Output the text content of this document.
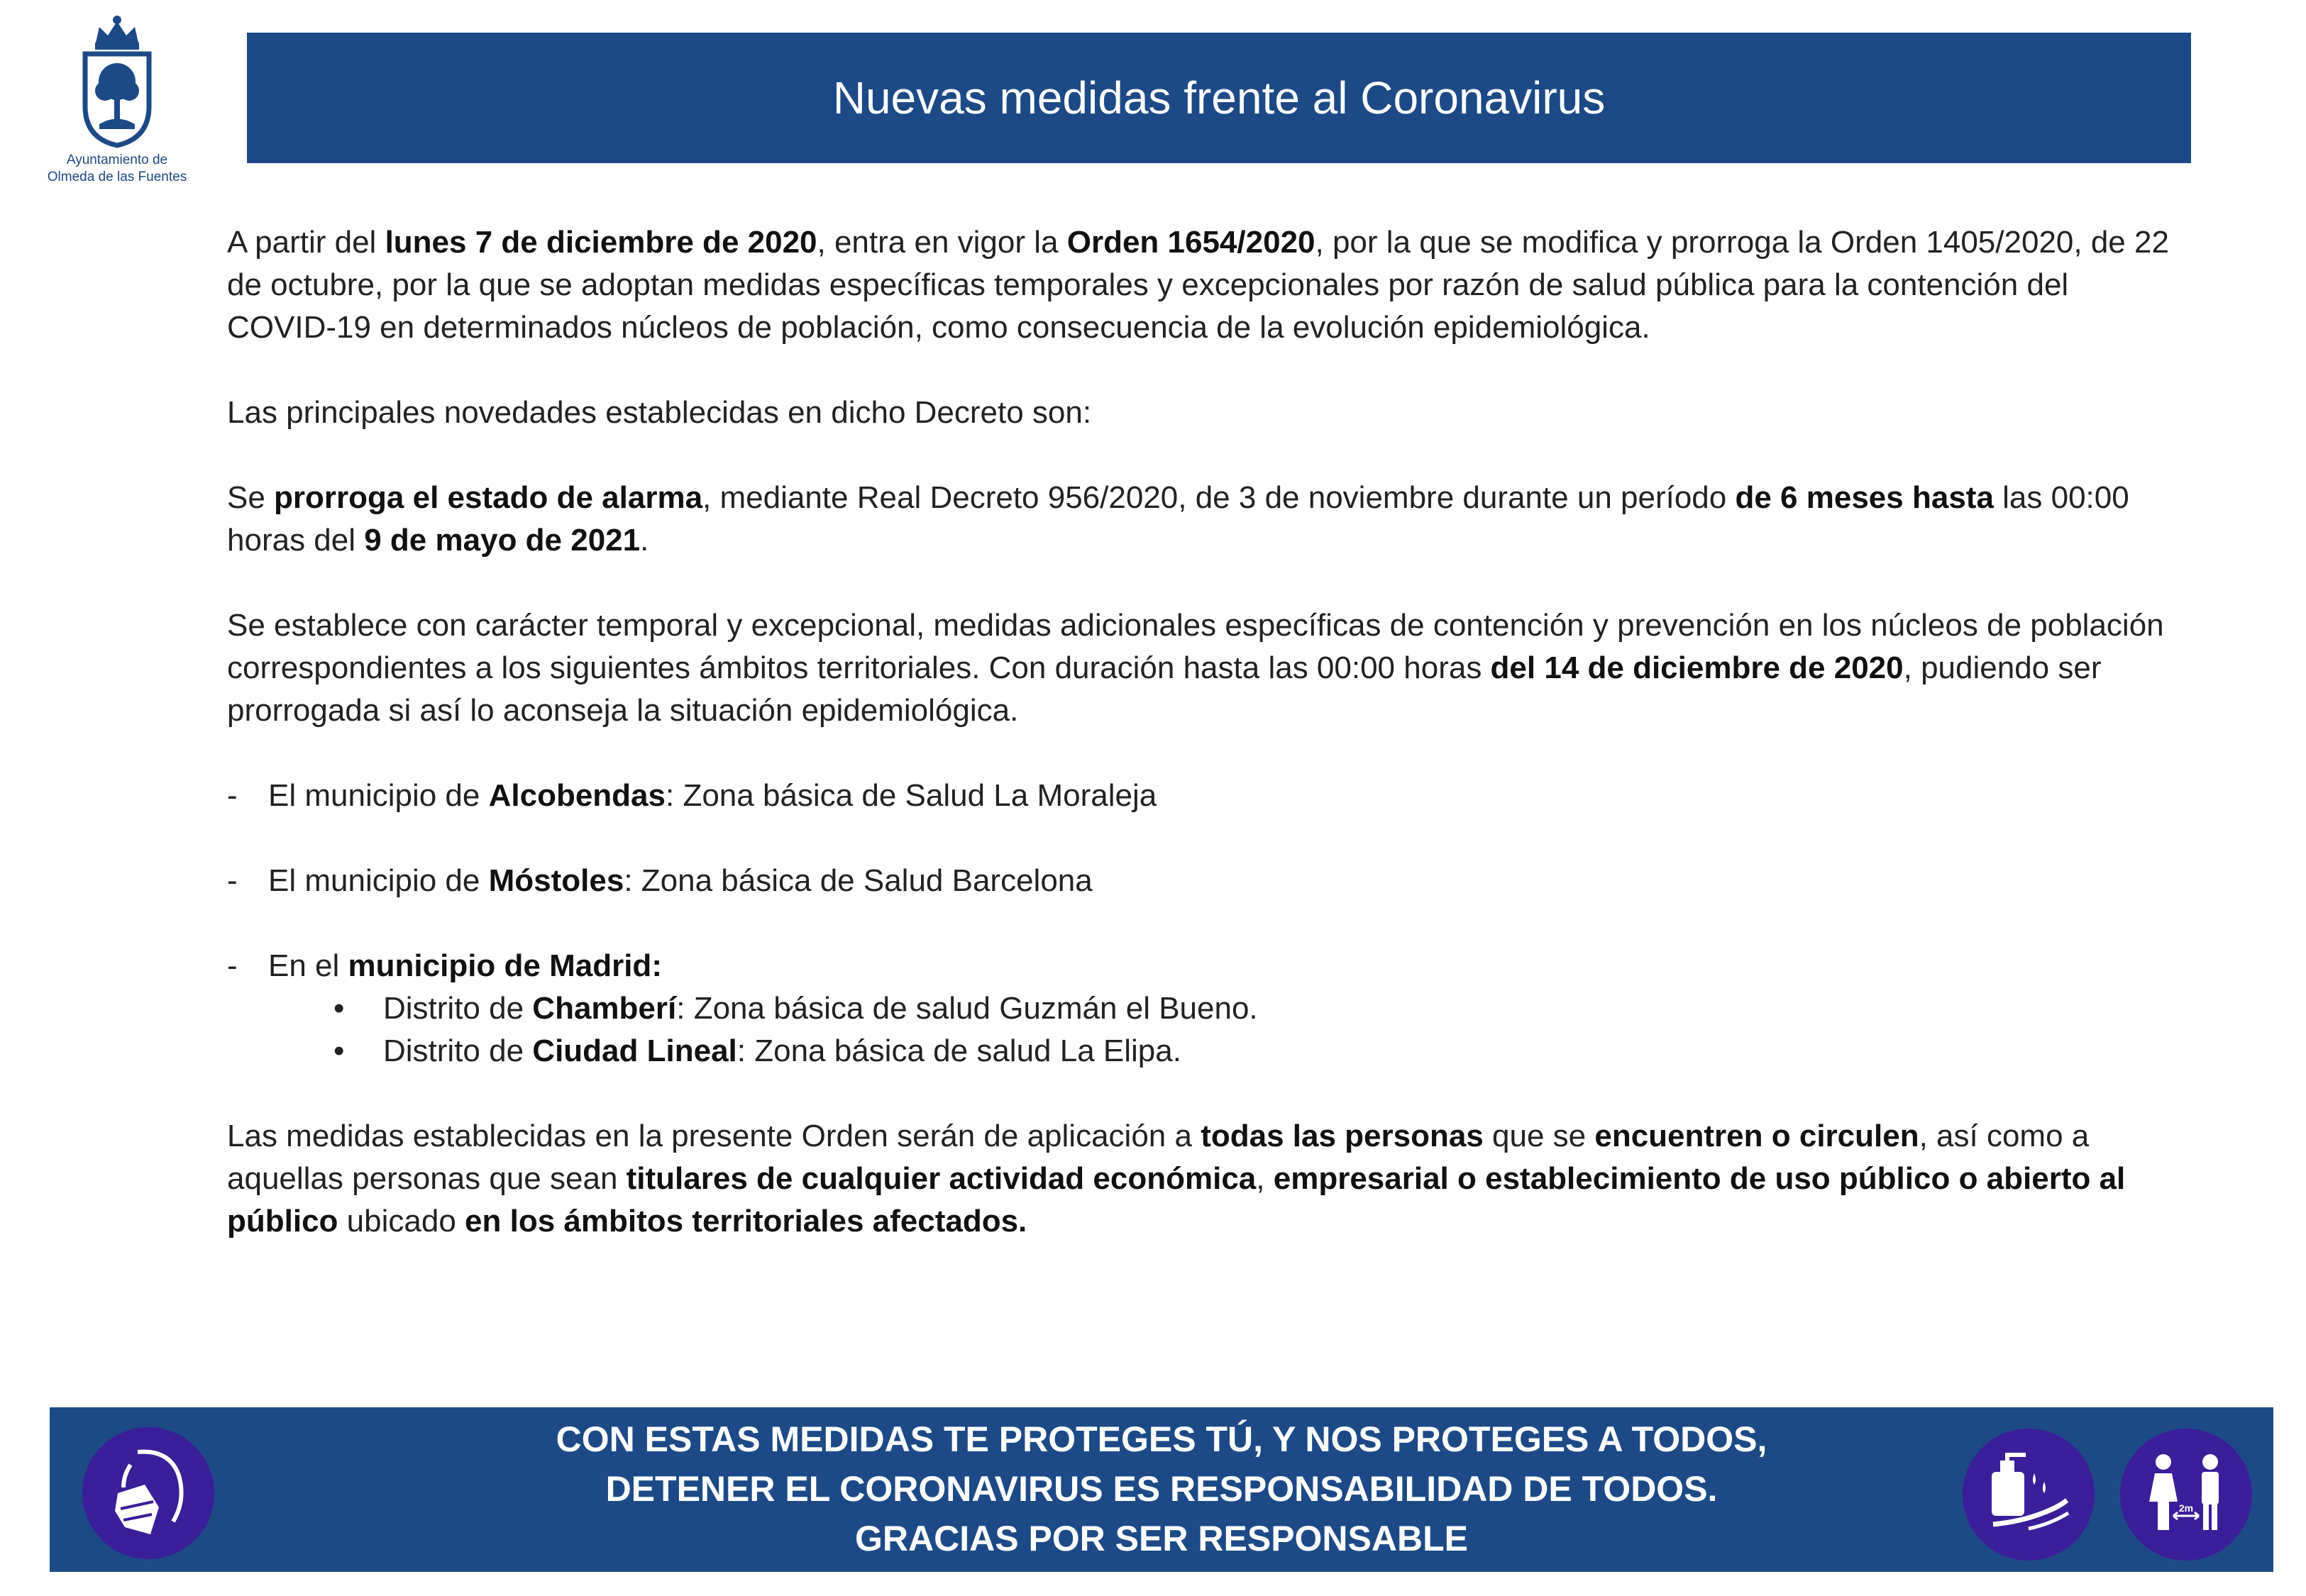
Ayuntamiento de
Olmeda de las Fuentes
Nuevas medidas frente al Coronavirus

A partir del lunes 7 de diciembre de 2020, entra en vigor la Orden 1654/2020, por la que se modifica y prorroga la Orden 1405/2020, de 22 de octubre, por la que se adoptan medidas específicas temporales y excepcionales por razón de salud pública para la contención del COVID-19 en determinados núcleos de población, como consecuencia de la evolución epidemiológica.

Las principales novedades establecidas en dicho Decreto son:

Se prorroga el estado de alarma, mediante Real Decreto 956/2020, de 3 de noviembre durante un período de 6 meses hasta las 00:00 horas del 9 de mayo de 2021.

Se establece con carácter temporal y excepcional, medidas adicionales específicas de contención y prevención en los núcleos de población correspondientes a los siguientes ámbitos territoriales. Con duración hasta las 00:00 horas del 14 de diciembre de 2020, pudiendo ser prorrogada si así lo aconseja la situación epidemiológica.

- El municipio de Alcobendas: Zona básica de Salud La Moraleja
- El municipio de Móstoles: Zona básica de Salud Barcelona
- En el municipio de Madrid:
•	Distrito de Chamberí: Zona básica de salud Guzmán el Bueno.
•	Distrito de Ciudad Lineal: Zona básica de salud La Elipa.

Las medidas establecidas en la presente Orden serán de aplicación a todas las personas que se encuentren o circulen, así como a aquellas personas que sean titulares de cualquier actividad económica, empresarial o establecimiento de uso público o abierto al público ubicado en los ámbitos territoriales afectados.

CON ESTAS MEDIDAS TE PROTEGES TÚ, Y NOS PROTEGES A TODOS,
DETENER EL CORONAVIRUS ES RESPONSABILIDAD DE TODOS.
GRACIAS POR SER RESPONSABLE
2m
